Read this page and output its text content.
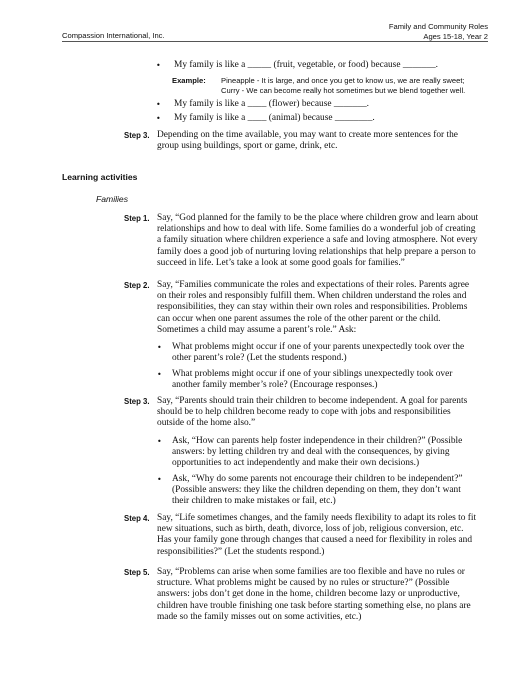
Compassion International, Inc.
Family and Community Roles
Ages 15-18, Year 2
• My family is like a _____ (fruit, vegetable, or food) because _______.
Example: Pineapple - It is large, and once you get to know us, we are really sweet;
Curry - We can become really hot sometimes but we blend together well.
• My family is like a ____ (flower) because _______.
• My family is like a ____ (animal) because ________.
Step 3. Depending on the time available, you may want to create more sentences for the
group using buildings, sport or game, drink, etc.
Learning activities
Families
Step 1. Say, “God planned for the family to be the place where children grow and learn about
relationships and how to deal with life. Some families do a wonderful job of creating
a family situation where children experience a safe and loving atmosphere. Not every
family does a good job of nurturing loving relationships that help prepare a person to
succeed in life. Let’s take a look at some good goals for families.”
Step 2. Say, “Families communicate the roles and expectations of their roles. Parents agree
on their roles and responsibly fulfill them. When children understand the roles and
responsibilities, they can stay within their own roles and responsibilities. Problems
can occur when one parent assumes the role of the other parent or the child.
Sometimes a child may assume a parent’s role.” Ask:
• What problems might occur if one of your parents unexpectedly took over the
other parent’s role? (Let the students respond.)
• What problems might occur if one of your siblings unexpectedly took over
another family member’s role? (Encourage responses.)
Step 3. Say, “Parents should train their children to become independent. A goal for parents
should be to help children become ready to cope with jobs and responsibilities
outside of the home also.”
• Ask, “How can parents help foster independence in their children?” (Possible
answers: by letting children try and deal with the consequences, by giving
opportunities to act independently and make their own decisions.)
• Ask, “Why do some parents not encourage their children to be independent?”
(Possible answers: they like the children depending on them, they don’t want
their children to make mistakes or fail, etc.)
Step 4. Say, “Life sometimes changes, and the family needs flexibility to adapt its roles to fit
new situations, such as birth, death, divorce, loss of job, religious conversion, etc.
Has your family gone through changes that caused a need for flexibility in roles and
responsibilities?” (Let the students respond.)
Step 5. Say, “Problems can arise when some families are too flexible and have no rules or
structure. What problems might be caused by no rules or structure?” (Possible
answers: jobs don’t get done in the home, children become lazy or unproductive,
children have trouble finishing one task before starting something else, no plans are
made so the family misses out on some activities, etc.)
